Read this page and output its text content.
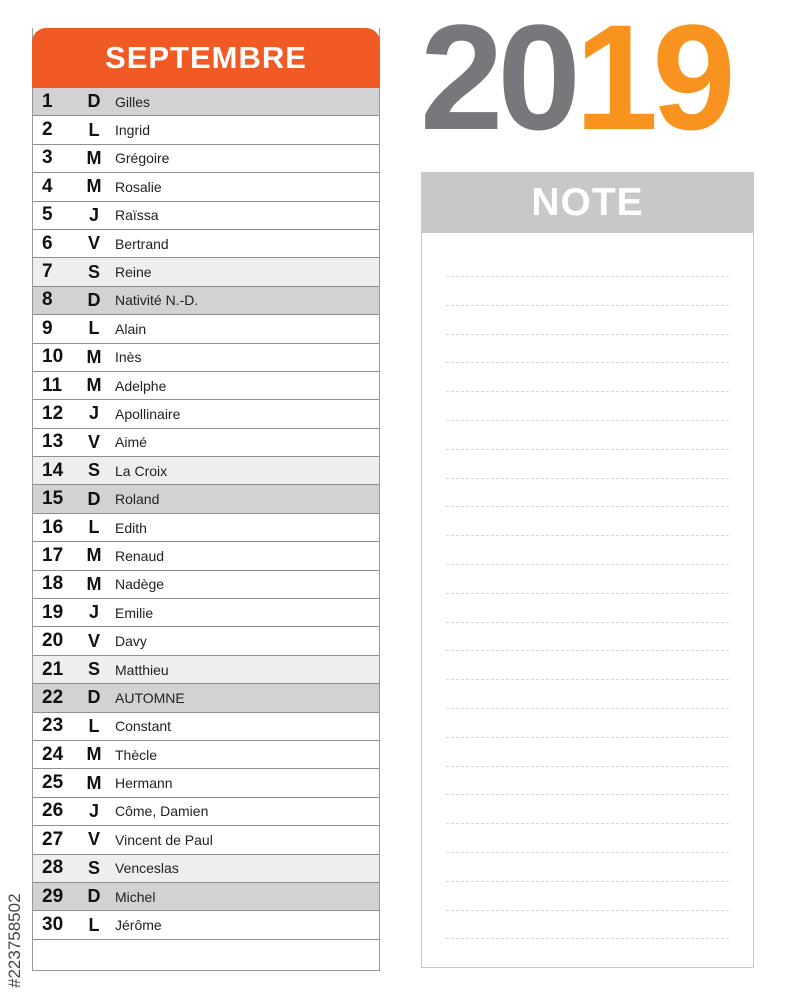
SEPTEMBRE
1 D Gilles
2 L Ingrid
3 M Grégoire
4 M Rosalie
5 J Raïssa
6 V Bertrand
7 S Reine
8 D Nativité N.-D.
9 L Alain
10 M Inès
11 M Adelphe
12 J Apollinaire
13 V Aimé
14 S La Croix
15 D Roland
16 L Edith
17 M Renaud
18 M Nadège
19 J Emilie
20 V Davy
21 S Matthieu
22 D AUTOMNE
23 L Constant
24 M Thècle
25 M Hermann
26 J Côme, Damien
27 V Vincent de Paul
28 S Venceslas
29 D Michel
30 L Jérôme
2019
NOTE
#223758502
